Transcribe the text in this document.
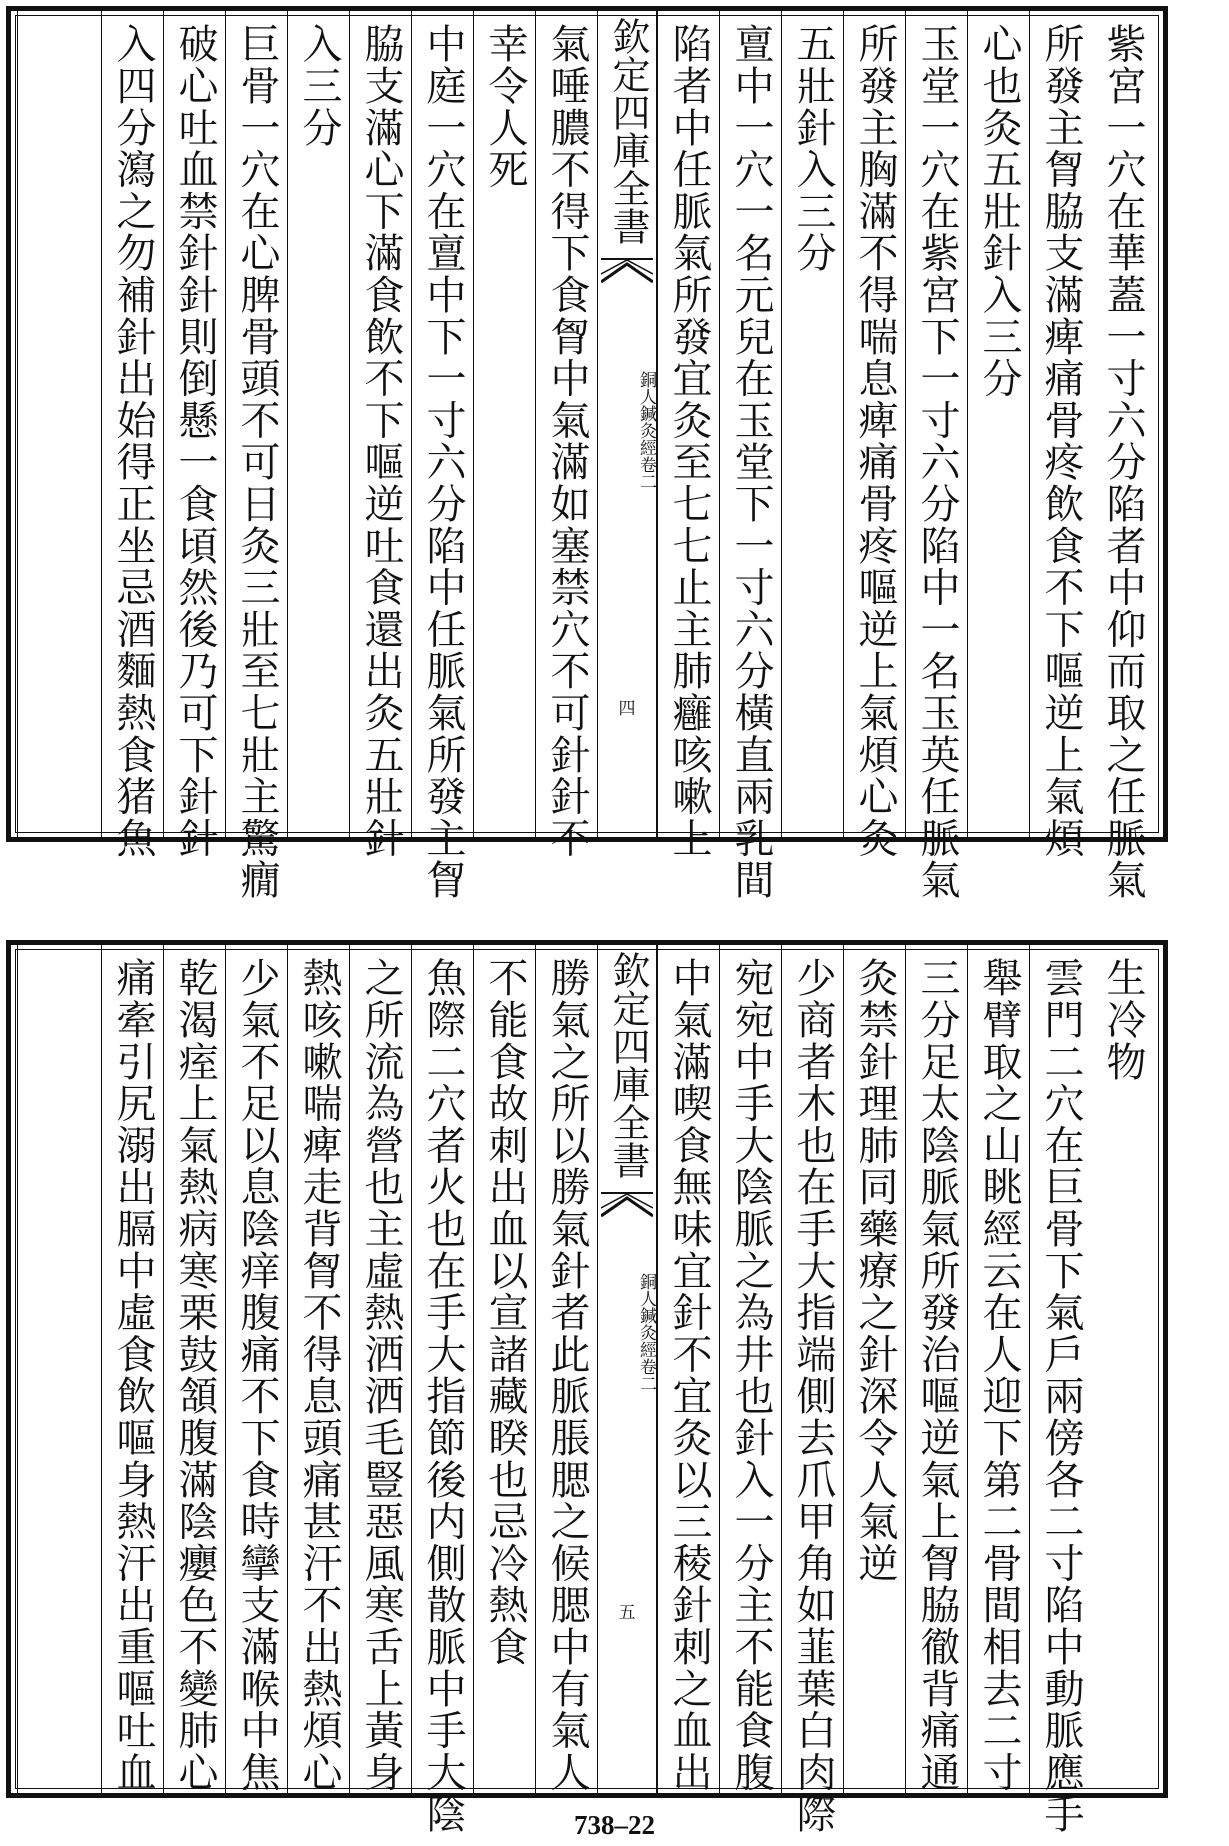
紫宮一穴在華蓋一寸六分陷者中仰而取之任脈氣
所發主胷脇支滿痺痛骨疼飲食不下嘔逆上氣煩
心也灸五壯針入三分
玉堂一穴在紫宮下一寸六分陷中一名玉英任脈氣
所發主胸滿不得喘息痺痛骨疼嘔逆上氣煩心灸
五壯針入三分
亶中一穴一名元兒在玉堂下一寸六分橫直兩乳間
陷者中任脈氣所發宜灸至七七止主肺癰咳嗽上
欽定四庫全書
銅人鍼灸經
卷二
四
氣唾膿不得下食胷中氣滿如塞禁穴不可針針不
幸令人死
中庭一穴在亶中下一寸六分陷中任脈氣所發主胷
脇支滿心下滿食飲不下嘔逆吐食還出灸五壯針
入三分
巨骨一穴在心脾骨頭不可日灸三壯至七壯主驚癇
破心吐血禁針針則倒懸一食頃然後乃可下針針
入四分瀉之勿補針出始得正坐忌酒麵熱食猪魚
生冷物
雲門二穴在巨骨下氣戶兩傍各二寸陷中動脈應手
舉臂取之山眺經云在人迎下第二骨間相去二寸
三分足太陰脈氣所發治嘔逆氣上胷脇徹背痛通
灸禁針理肺同藥療之針深令人氣逆
少商者木也在手大指端側去爪甲角如韮葉白肉際
宛宛中手大陰脈之為井也針入一分主不能食腹
中氣滿喫食無味宜針不宜灸以三稜針刺之血出
欽定四庫全書
銅人鍼灸經
卷二
五
勝氣之所以勝氣針者此脈脹腮之候腮中有氣人
不能食故刺出血以宣諸藏睽也忌冷熱食
魚際二穴者火也在手大指節後内側散脈中手大陰
之所流為營也主虛熱洒洒毛豎惡風寒舌上黃身
熱咳嗽喘痺走背胷不得息頭痛甚汗不出熱煩心
少氣不足以息陰痒腹痛不下食時攣支滿喉中焦
乾渴痓上氣熱病寒栗鼓頷腹滿陰癭色不變肺心
痛牽引尻溺出膈中虛食飲嘔身熱汗出重嘔吐血
738–22
